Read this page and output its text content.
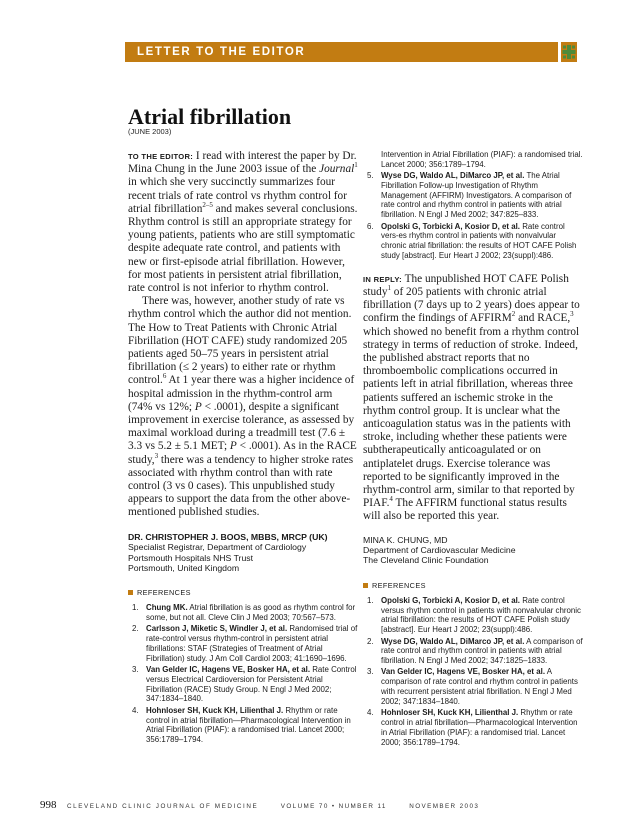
LETTER TO THE EDITOR
Atrial fibrillation
(JUNE 2003)

TO THE EDITOR: I read with interest the paper by Dr. Mina Chung in the June 2003 issue of the Journal$^1$ in which she very succinctly summarizes four recent trials of rate control vs rhythm control for atrial fibrillation$^{2-5}$ and makes several conclusions. Rhythm control is still an appropriate strategy for young patients, patients who are still symptomatic despite adequate rate control, and patients with new or first-episode atrial fibrillation. However, for most patients in persistent atrial fibrillation, rate control is not inferior to rhythm control.

There was, however, another study of rate vs rhythm control which the author did not mention. The How to Treat Patients with Chronic Atrial Fibrillation (HOT CAFE) study randomized 205 patients aged 50–75 years in persistent atrial fibrillation (≤ 2 years) to either rate or rhythm control.$^6$ At 1 year there was a higher incidence of hospital admission in the rhythm-control arm (74% vs 12%; P < .0001), despite a significant improvement in exercise tolerance, as assessed by maximal workload during a treadmill test (7.6 ± 3.3 vs 5.2 ± 5.1 MET; P < .0001). As in the RACE study,$^3$ there was a tendency to higher stroke rates associated with rhythm control than with rate control (3 vs 0 cases). This unpublished study appears to support the data from the other above-mentioned published studies.

DR. CHRISTOPHER J. BOOS, MBBS, MRCP (UK)
Specialist Registrar, Department of Cardiology
Portsmouth Hospitals NHS Trust
Portsmouth, United Kingdom
REFERENCES
1. Chung MK. Atrial fibrillation is as good as rhythm control for some, but not all. Cleve Clin J Med 2003; 70:567–573.
2. Carlsson J, Miketic S, Windler J, et al. Randomised trial of rate-control versus rhythm-control in persistent atrial fibrillations: STAF (Strategies of Treatment of Atrial Fibrillation) study. J Am Coll Cardiol 2003; 41:1690–1696.
3. Van Gelder IC, Hagens VE, Bosker HA, et al. Rate Control versus Electrical Cardioversion for Persistent Atrial Fibrillation (RACE) Study Group. N Engl J Med 2002; 347:1834–1840.
4. Hohnloser SH, Kuck KH, Lilienthal J. Rhythm or rate control in atrial fibrillation—Pharmacological Intervention in Atrial Fibrillation (PIAF): a randomised trial. Lancet 2000; 356:1789–1794.
Intervention in Atrial Fibrillation (PIAF): a randomised trial. Lancet 2000; 356:1789–1794.
5. Wyse DG, Waldo AL, DiMarco JP, et al. The Atrial Fibrillation Follow-up Investigation of Rhythm Management (AFFIRM) Investigators. A comparison of rate control and rhythm control in patients with atrial fibrillation. N Engl J Med 2002; 347:825–833.
6. Opolski G, Torbicki A, Kosior D, et al. Rate control vers-es rhythm control in patients with nonvalvular chronic atrial fibrillation: the results of HOT CAFE Polish study [abstract]. Eur Heart J 2002; 23(suppl):486.

IN REPLY: The unpublished HOT CAFE Polish study$^1$ of 205 patients with chronic atrial fibrillation (7 days up to 2 years) does appear to confirm the findings of AFFIRM$^2$ and RACE,$^3$ which showed no benefit from a rhythm control strategy in terms of reduction of stroke. Indeed, the published abstract reports that no thromboembolic complications occurred in patients left in atrial fibrillation, whereas three patients suffered an ischemic stroke in the rhythm control group. It is unclear what the anticoagulation status was in the patients with stroke, including whether these patients were subtherapeutically anticoagulated or on antiplatelet drugs. Exercise tolerance was reported to be significantly improved in the rhythm-control arm, similar to that reported by PIAF.$^4$ The AFFIRM functional status results will also be reported this year.

MINA K. CHUNG, MD
Department of Cardiovascular Medicine
The Cleveland Clinic Foundation
REFERENCES
1. Opolski G, Torbicki A, Kosior D, et al. Rate control versus rhythm control in patients with nonvalvular chronic atrial fibrillation: the results of HOT CAFE Polish study [abstract]. Eur Heart J 2002; 23(suppl):486.
2. Wyse DG, Waldo AL, DiMarco JP, et al. A comparison of rate control and rhythm control in patients with atrial fibrillation. N Engl J Med 2002; 347:1825–1833.
3. Van Gelder IC, Hagens VE, Bosker HA, et al. A comparison of rate control and rhythm control in patients with recurrent persistent atrial fibrillation. N Engl J Med 2002; 347:1834–1840.
4. Hohnloser SH, Kuck KH, Lilienthal J. Rhythm or rate control in atrial fibrillation—Pharmacological Intervention in Atrial Fibrillation (PIAF): a randomised trial. Lancet 2000; 356:1789–1794.
998 CLEVELAND CLINIC JOURNAL OF MEDICINE	VOLUME 70 • NUMBER 11	NOVEMBER 2003
